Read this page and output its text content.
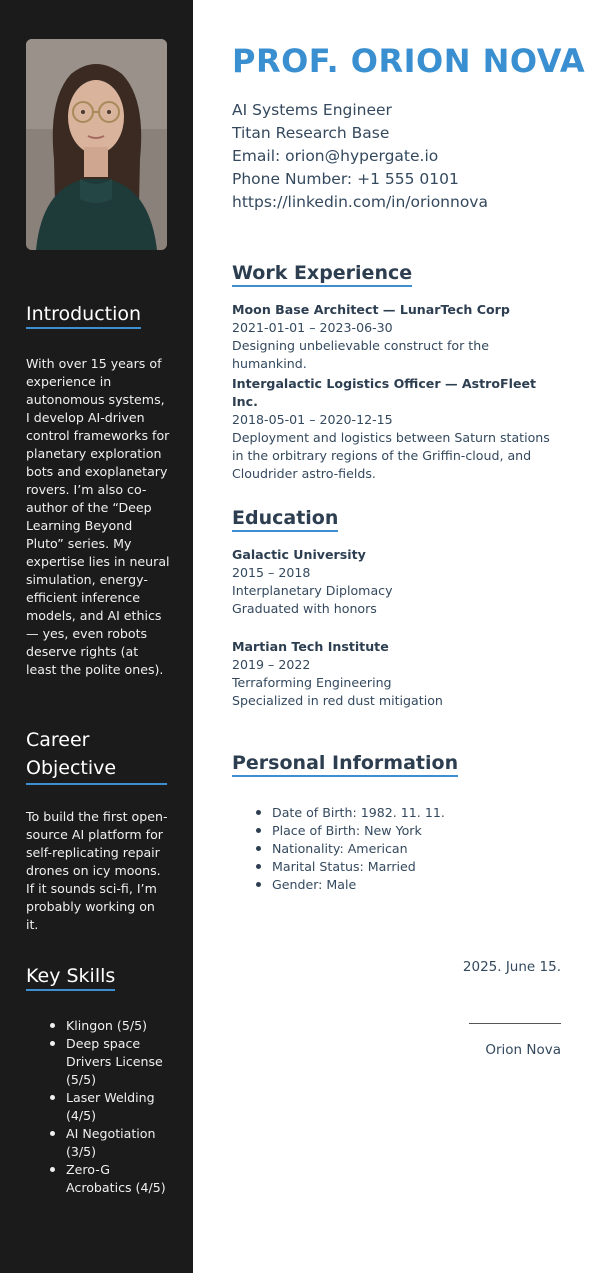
Introduction

With over 15 years of experience in autonomous systems, I develop AI-driven control frameworks for planetary exploration bots and exoplanetary rovers. I’m also co-author of the “Deep Learning Beyond Pluto” series. My expertise lies in neural simulation, energy-efficient inference models, and AI ethics — yes, even robots deserve rights (at least the polite ones).

Career Objective

To build the first open-source AI platform for self-replicating repair drones on icy moons. If it sounds sci-fi, I’m probably working on it.

Key Skills
Klingon (5/5)
Deep space Drivers License (5/5)
Laser Welding (4/5)
AI Negotiation (3/5)
Zero-G Acrobatics (4/5)
PROF. ORION NOVA
AI Systems Engineer
Titan Research Base
Email: orion@hypergate.io
Phone Number: +1 555 0101
https://linkedin.com/in/orionnova
Work Experience
Moon Base Architect — LunarTech Corp
2021-01-01 – 2023-06-30
Designing unbelievable construct for the humankind.
Intergalactic Logistics Officer — AstroFleet Inc.
2018-05-01 – 2020-12-15
Deployment and logistics between Saturn stations in the orbitrary regions of the Griffin-cloud, and Cloudrider astro-fields.
Education
Galactic University
2015 – 2018
Interplanetary Diplomacy
Graduated with honors
Martian Tech Institute
2019 – 2022
Terraforming Engineering
Specialized in red dust mitigation
Personal Information
Date of Birth: 1982. 11. 11.
Place of Birth: New York
Nationality: American
Marital Status: Married
Gender: Male
2025. June 15.
Orion Nova
